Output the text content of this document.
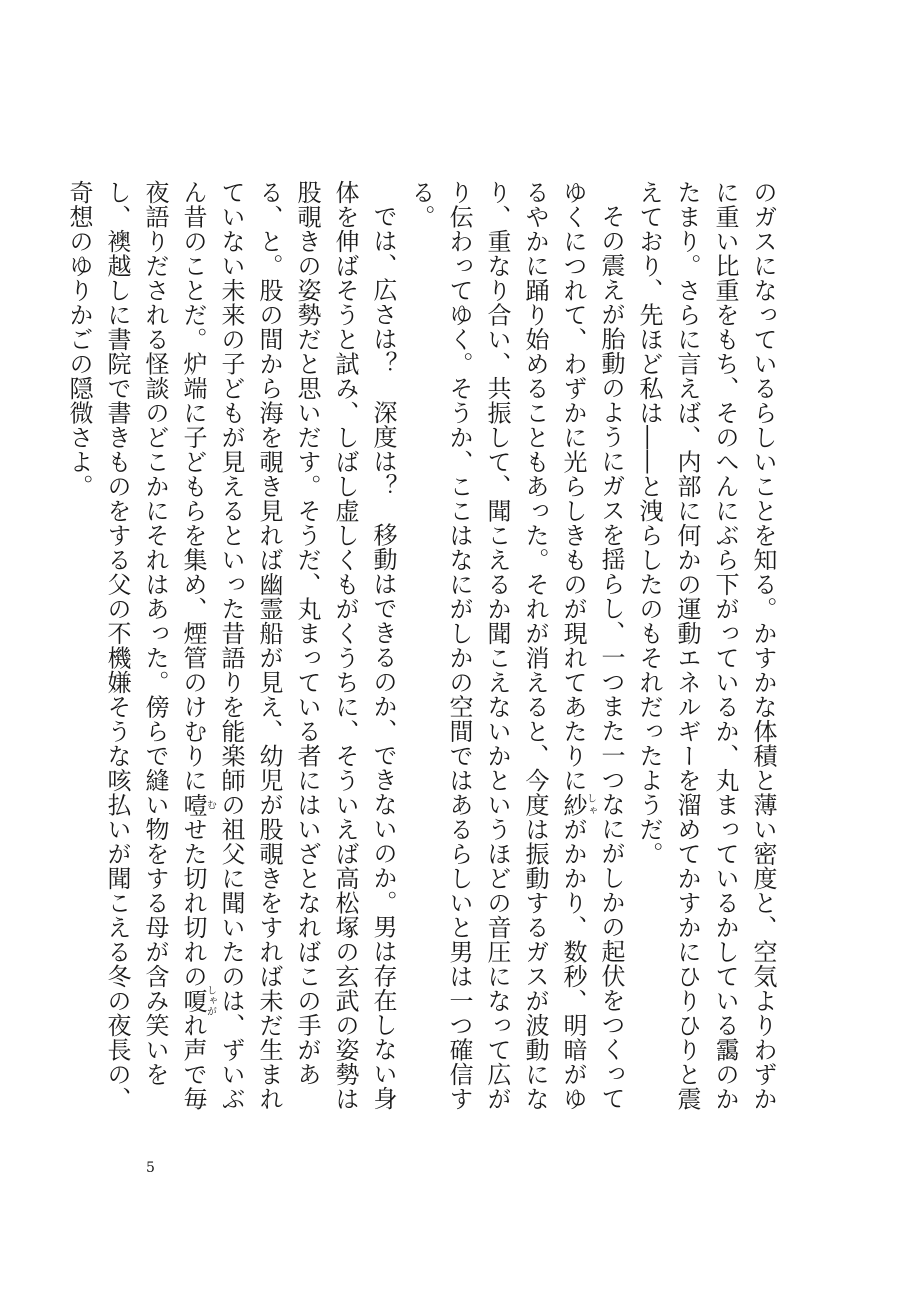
のガスになっているらしいことを知る。かすかな体積と薄い密度と、空気よりわずかに重い比重をもち、そのへんにぶら下がっているか、丸まっているかしている靄のかたまり。さらに言えば、内部に何かの運動エネルギーを溜めてかすかにひりひりと震えており、先ほど私は――と洩らしたのもそれだったようだ。

その震えが胎動のようにガスを揺らし、一つまた一つなにがしかの起伏をつくってゆくにつれて、わずかに光らしきものが現れてあたりに紗しゃがかかり、数秒、明暗がゆるやかに踊り始めることもあった。それが消えると、今度は振動するガスが波動になり、重なり合い、共振して、聞こえるか聞こえないかというほどの音圧になって広がり伝わってゆく。そうか、ここはなにがしかの空間ではあるらしいと男は一つ確信する。

では、広さは？　深度は？　移動はできるのか、できないのか。男は存在しない身体を伸ばそうと試み、しばし虚しくもがくうちに、そういえば高松塚の玄武の姿勢は股覗きの姿勢だと思いだす。そうだ、丸まっている者にはいざとなればこの手がある、と。股の間から海を覗き見れば幽霊船が見え、幼児が股覗きをすれば未だ生まれていない未来の子どもが見えるといった昔語りを能楽師の祖父に聞いたのは、ずいぶん昔のことだ。炉端に子どもらを集め、煙管のけむりに噎むせた切れ切れの嗄しゃがれ声で毎夜語りだされる怪談のどこかにそれはあった。傍らで縫い物をする母が含み笑いをし、襖越しに書院で書きものをする父の不機嫌そうな咳払いが聞こえる冬の夜長の、奇想のゆりかごの隠微さよ。

5
